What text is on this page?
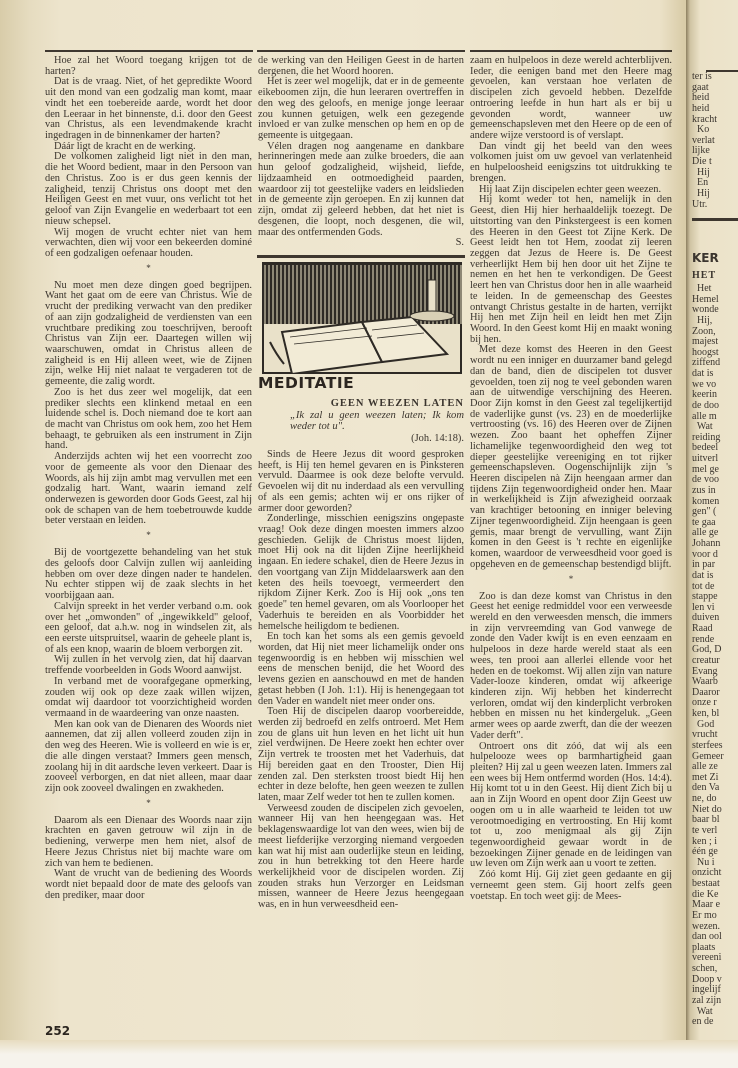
Hoe zal het Woord toegang krijgen tot de harten?

Dat is de vraag. Niet, of het gepredikte Woord uit den mond van een godzalig man komt, maar vindt het een toebereide aarde, wordt het door den Leeraar in het binnenste, d.i. door den Geest van Christus, als een levendmakende kracht ingedragen in de binnenkamer der harten?

Dáár ligt de kracht en de werking.

De volkomen zaligheid ligt niet in den man, die het Woord bedient, maar in den Persoon van den Christus. Zoo is er dus geen kennis der zaligheid, tenzij Christus ons doopt met den Heiligen Geest en met vuur, ons verlicht tot het geloof van Zijn Evangelie en wederbaart tot een nieuw schepsel.

Wij mogen de vrucht echter niet van hem verwachten, dien wij voor een bekeerden dominé of een godzaligen oefenaar houden.

*

Nu moet men deze dingen goed begrijpen. Want het gaat om de eere van Christus. Wie de vrucht der prediking verwacht van den prediker of aan zijn godzaligheid de verdiensten van een vruchtbare prediking zou toeschrijven, berooft Christus van Zijn eer. Daartegen willen wij waarschuwen, omdat in Christus alleen de zaligheid is en Hij alleen weet, wie de Zijnen zijn, welke Hij niet nalaat te vergaderen tot de gemeente, die zalig wordt.

Zoo is het dus zeer wel mogelijk, dat een prediker slechts een klinkend metaal en een luidende schel is. Doch niemand doe te kort aan de macht van Christus om ook hem, zoo het Hem behaagt, te gebruiken als een instrument in Zijn hand.

Anderzijds achten wij het een voorrecht zoo voor de gemeente als voor den Dienaar des Woords, als hij zijn ambt mag vervullen met een godzalig hart. Want, waarin iemand zelf onderwezen is geworden door Gods Geest, zal hij ook de schapen van de hem toebetrouwde kudde beter verstaan en leiden.

*

Bij de voortgezette behandeling van het stuk des geloofs door Calvijn zullen wij aanleiding hebben om over deze dingen nader te handelen. Nu echter stippen wij de zaak slechts in het voorbijgaan aan.

Calvijn spreekt in het verder verband o.m. ook over het „omwonden" of „ingewikkeld" geloof, een geloof, dat a.h.w. nog in windselen zit, als een eerste uitspruitsel, waarin de geheele plant is, of als een knop, waarin de bloem verborgen zit.

Wij zullen in het vervolg zien, dat hij daarvan treffende voorbeelden in Gods Woord aanwijst.

In verband met de voorafgegane opmerking, zouden wij ook op deze zaak willen wijzen, omdat wij daardoor tot voorzichtigheid worden vermaand in de waardeering van onze naasten.

Men kan ook van de Dienaren des Woords niet aannemen, dat zij allen volleerd zouden zijn in den weg des Heeren. Wie is volleerd en wie is er, die alle dingen verstaat? Immers geen mensch, zoolang hij in dit aardsche leven verkeert. Daar is zooveel verborgen, en dat niet alleen, maar daar zijn ook zooveel dwalingen en zwakheden.

*

Daarom als een Dienaar des Woords naar zijn krachten en gaven getrouw wil zijn in de bediening, verwerpe men hem niet, alsof de Heere Jezus Christus niet bij machte ware om zich van hem te bedienen.

Want de vrucht van de bediening des Woords wordt niet bepaald door de mate des geloofs van den prediker, maar door

252

de werking van den Heiligen Geest in de harten dergenen, die het Woord hooren.

Het is zeer wel mogelijk, dat er in de gemeente eikeboomen zijn, die hun leeraren overtreffen in den weg des geloofs, en menige jonge leeraar zou kunnen getuigen, welk een gezegende invloed er van zulke menschen op hem en op de gemeente is uitgegaan.

Vélen dragen nog aangename en dankbare herinneringen mede aan zulke broeders, die aan hun geloof godzaligheid, wijsheid, liefde, lijdzaamheid en ootmoedigheid paarden, waardoor zij tot geestelijke vaders en leidslieden in de gemeente zijn geroepen. En zij kunnen dat zijn, omdat zij geleerd hebben, dat het niet is desgenen, die loopt, noch desgenen, die wil, maar des ontfermenden Gods.

S.

MEDITATIE
GEEN WEEZEN LATEN
„Ik zal u geen weezen laten; Ik kom weder tot u".
(Joh. 14:18).

Sinds de Heere Jezus dit woord gesproken heeft, is Hij ten hemel gevaren en is Pinksteren vervuld. Daarmee is ook deze belofte vervuld. Gevoelen wij dit nu inderdaad als een vervulling of als een gemis; achten wij er ons rijker of armer door geworden?

Zonderlinge, misschien eenigszins ongepaste vraag! Ook deze dingen moesten immers alzoo geschieden. Gelijk de Christus moest lijden, moet Hij ook na dit lijden Zijne heerlijkheid ingaan. En iedere schakel, dien de Heere Jezus in den voortgang van Zijn Middelaarswerk aan den keten des heils toevoegt, vermeerdert den rijkdom Zijner Kerk. Zoo is Hij ook „ons ten goede" ten hemel gevaren, om als Voorlooper het Vaderhuis te bereiden en als Voorbidder het hemelsche heiligdom te bedienen.

En toch kan het soms als een gemis gevoeld worden, dat Hij niet meer lichamelijk onder ons tegenwoordig is en hebben wij misschien wel eens de menschen benijd, die het Woord des levens gezien en aanschouwd en met de handen getast hebben (I Joh. 1:1). Hij is henengegaan tot den Vader en wandelt niet meer onder ons.

Toen Hij de discipelen daarop voorbereidde, werden zij bedroefd en zelfs ontroerd. Met Hem zou de glans uit hun leven en het licht uit hun ziel verdwijnen. De Heere zoekt hen echter over Zijn vertrek te troosten met het Vaderhuis, dat Hij bereiden gaat en den Trooster, Dien Hij zenden zal. Den sterksten troost biedt Hij hen echter in deze belofte, hen geen weezen te zullen laten, maar Zelf weder tot hen te zullen komen.

Verweesd zouden de discipelen zich gevoelen, wanneer Hij van hen heengegaan was. Het beklagenswaardige lot van den wees, wien bij de meest liefderijke verzorging niemand vergoeden kan wat hij mist aan ouderlijke steun en leiding, zou in hun betrekking tot den Heere harde werkelijkheid voor de discipelen worden. Zij zouden straks hun Verzorger en Leidsman missen, wanneer de Heere Jezus heengegaan was, en in hun verweesdheid een-

zaam en hulpeloos in deze wereld achterblijven. Ieder, die eenigen band met den Heere mag gevoelen, kan verstaan hoe verlaten de discipelen zich gevoeld hebben. Dezelfde ontroering leefde in hun hart als er bij u gevonden wordt, wanneer uw gemeenschapsleven met den Heere op de een of andere wijze verstoord is of verslapt.

Dan vindt gij het beeld van den wees volkomen juist om uw gevoel van verlatenheid en hulpeloosheid eenigszins tot uitdrukking te brengen.

Hij laat Zijn discipelen echter geen weezen.

Hij komt weder tot hen, namelijk in den Geest, dien Hij hier herhaaldelijk toezegt. De uitstorting van den Pinkstergeest is een komen des Heeren in den Geest tot Zijne Kerk. De Geest leidt hen tot Hem, zoodat zij leeren zeggen dat Jezus de Heere is. De Geest verheerlijkt Hem bij hen door uit het Zijne te nemen en het hen te verkondigen. De Geest leert hen van Christus door hen in alle waarheid te leiden. In de gemeenschap des Geestes ontvangt Christus gestalte in de harten, verrijkt Hij hen met Zijn heil en leidt hen met Zijn Woord. In den Geest komt Hij en maakt woning bij hen.

Met deze komst des Heeren in den Geest wordt nu een inniger en duurzamer band gelegd dan de band, dien de discipelen tot dusver gevoelden, toen zij nog te veel gebonden waren aan de uitwendige verschijning des Heeren. Door Zijn komst in den Geest zal tegelijkertijd de vaderlijke gunst (vs. 23) en de moederlijke vertroosting (vs. 16) des Heeren over de Zijnen wezen. Zoo baant het opheffen Zijner lichamelijke tegenwoordigheid den weg tot dieper geestelijke vereeniging en tot rijker gemeenschapsleven. Oogenschijnlijk zijn 's Heeren discipelen nà Zijn heengaan armer dan tijdens Zijn tegenwoordigheid onder hen. Maar in werkelijkheid is Zijn afwezigheid oorzaak van krachtiger betooning en inniger beleving Zijner tegenwoordigheid. Zijn heengaan is geen gemis, maar brengt de vervulling, want Zijn komen in den Geest is 't rechte en eigenlijke komen, waardoor de verweesdheid voor goed is opgeheven en de gemeenschap bestendigd blijft.

*

Zoo is dan deze komst van Christus in den Geest het eenige redmiddel voor een verweesde wereld en den verweesden mensch, die immers in zijn vervreemding van God vanwege de zonde den Vader kwijt is en even eenzaam en hulpeloos in deze harde wereld staat als een wees, ten prooi aan allerlei ellende voor het heden en de toekomst. Wij allen zijn van nature Vader-looze kinderen, omdat wij afkeerige kinderen zijn. Wij hebben het kinderrecht verloren, omdat wij den kinderplicht verbroken hebben en missen nu het kindergeluk. „Geen armer wees op aarde zwerft, dan die der weezen Vader derft".

Ontroert ons dit zóó, dat wij als een hulpelooze wees op barmhartigheid gaan pleiten? Hij zal u geen weezen laten. Immers zal een wees bij Hem ontfermd worden (Hos. 14:4). Hij komt tot u in den Geest. Hij dient Zich bij u aan in Zijn Woord en opent door Zijn Geest uw oogen om u in alle waarheid te leiden tot uw verootmoediging en vertroosting. En Hij komt tot u, zoo menigmaal als gij Zijn tegenwoordigheid gewaar wordt in de bezoekingen Zijner genade en de leidingen van uw leven om Zijn werk aan u voort te zetten.

Zóó komt Hij. Gij ziet geen gedaante en gij verneemt geen stem. Gij hoort zelfs geen voetstap. En toch weet gij: de Mees-

ter is
gaat
heid
heid
kracht
Ko
verlat
lijke
Die t
Hij
En
Hij
Utr.
KER
HET
Het
Hemel
wonde
Hij,
Zoon,
majest
hoogst
ziffend
dat is
we vo
keerin
de doo
alle m
Wat
reiding
bedeel
uitverl
mel ge
de voo
zus in
komen
gen" (
te gaa
alle ge
Johann
voor d
in par
dat is
tot de
stappe
len vi
duiven
Raad
rende
God, D
creatur
Evang
Waarb
Daaror
onze r
ken, bl
God
vrucht
sterfees
Gemeer
alle ze
met Zi
den Va
ne, do
Niet do
baar bl
te verl
ken ; i
één ge
Nu i
onzicht
bestaat
die Ke
Maar e
Er mo
wezen.
dan ool
plaats
vereeni
schen,
Doop v
ingelijf
zal zijn
Wat
en de
